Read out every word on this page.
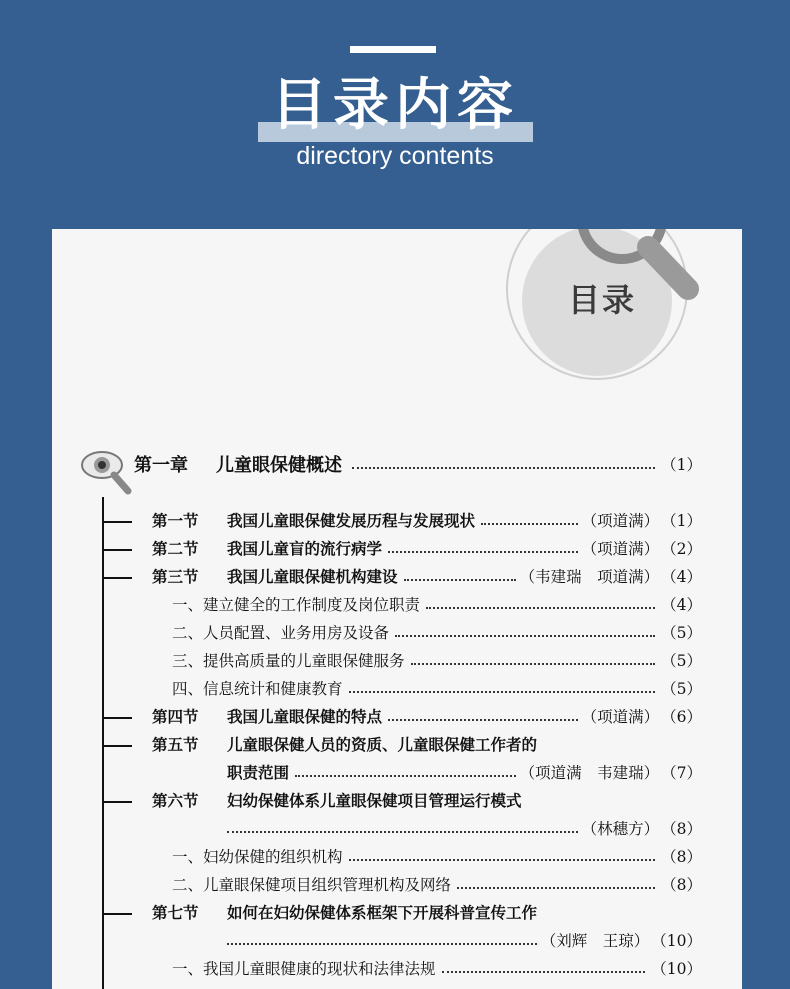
目录内容
directory contents
目录
第一章 儿童眼保健概述	（1）
第一节 我国儿童眼保健发展历程与发展现状	（项道满） （1）
第二节 我国儿童盲的流行病学	（项道满） （2）
第三节 我国儿童眼保健机构建设	（韦建瑞　项道满） （4）
一、建立健全的工作制度及岗位职责	（4）
二、人员配置、业务用房及设备	（5）
三、提供高质量的儿童眼保健服务	（5）
四、信息统计和健康教育	（5）
第四节 我国儿童眼保健的特点	（项道满） （6）
第五节 儿童眼保健人员的资质、儿童眼保健工作者的
职责范围	（项道满　韦建瑞） （7）
第六节 妇幼保健体系儿童眼保健项目管理运行模式
（林穗方） （8）
一、妇幼保健的组织机构	（8）
二、儿童眼保健项目组织管理机构及网络	（8）
第七节 如何在妇幼保健体系框架下开展科普宣传工作
（刘辉　王琼） （10）
一、我国儿童眼健康的现状和法律法规	（10）
